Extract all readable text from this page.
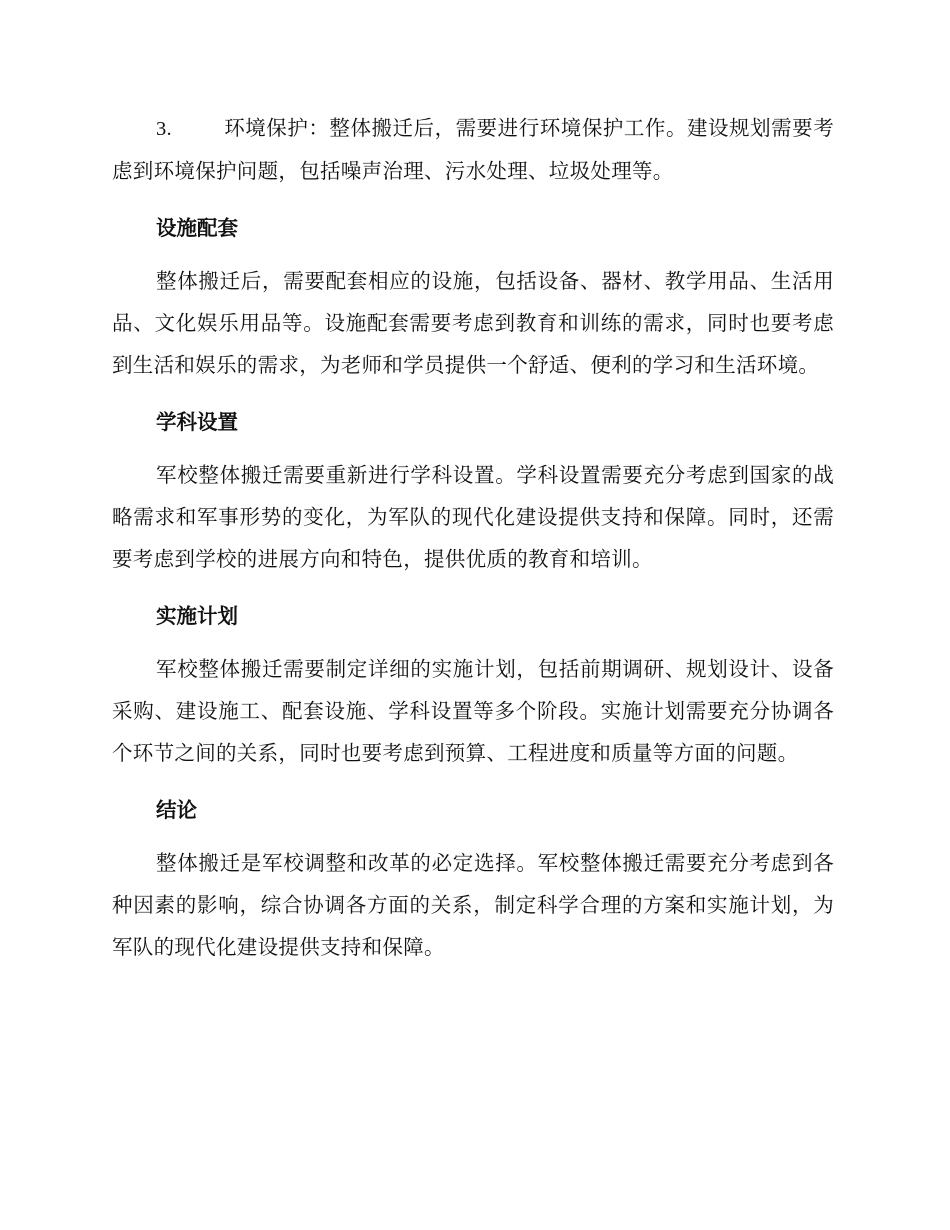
3.	环境保护：整体搬迁后，需要进行环境保护工作。建设规划需要考虑到环境保护问题，包括噪声治理、污水处理、垃圾处理等。

设施配套

整体搬迁后，需要配套相应的设施，包括设备、器材、教学用品、生活用品、文化娱乐用品等。设施配套需要考虑到教育和训练的需求，同时也要考虑到生活和娱乐的需求，为老师和学员提供一个舒适、便利的学习和生活环境。

学科设置

军校整体搬迁需要重新进行学科设置。学科设置需要充分考虑到国家的战略需求和军事形势的变化，为军队的现代化建设提供支持和保障。同时，还需要考虑到学校的进展方向和特色，提供优质的教育和培训。

实施计划

军校整体搬迁需要制定详细的实施计划，包括前期调研、规划设计、设备采购、建设施工、配套设施、学科设置等多个阶段。实施计划需要充分协调各个环节之间的关系，同时也要考虑到预算、工程进度和质量等方面的问题。

结论

整体搬迁是军校调整和改革的必定选择。军校整体搬迁需要充分考虑到各种因素的影响，综合协调各方面的关系，制定科学合理的方案和实施计划，为军队的现代化建设提供支持和保障。
